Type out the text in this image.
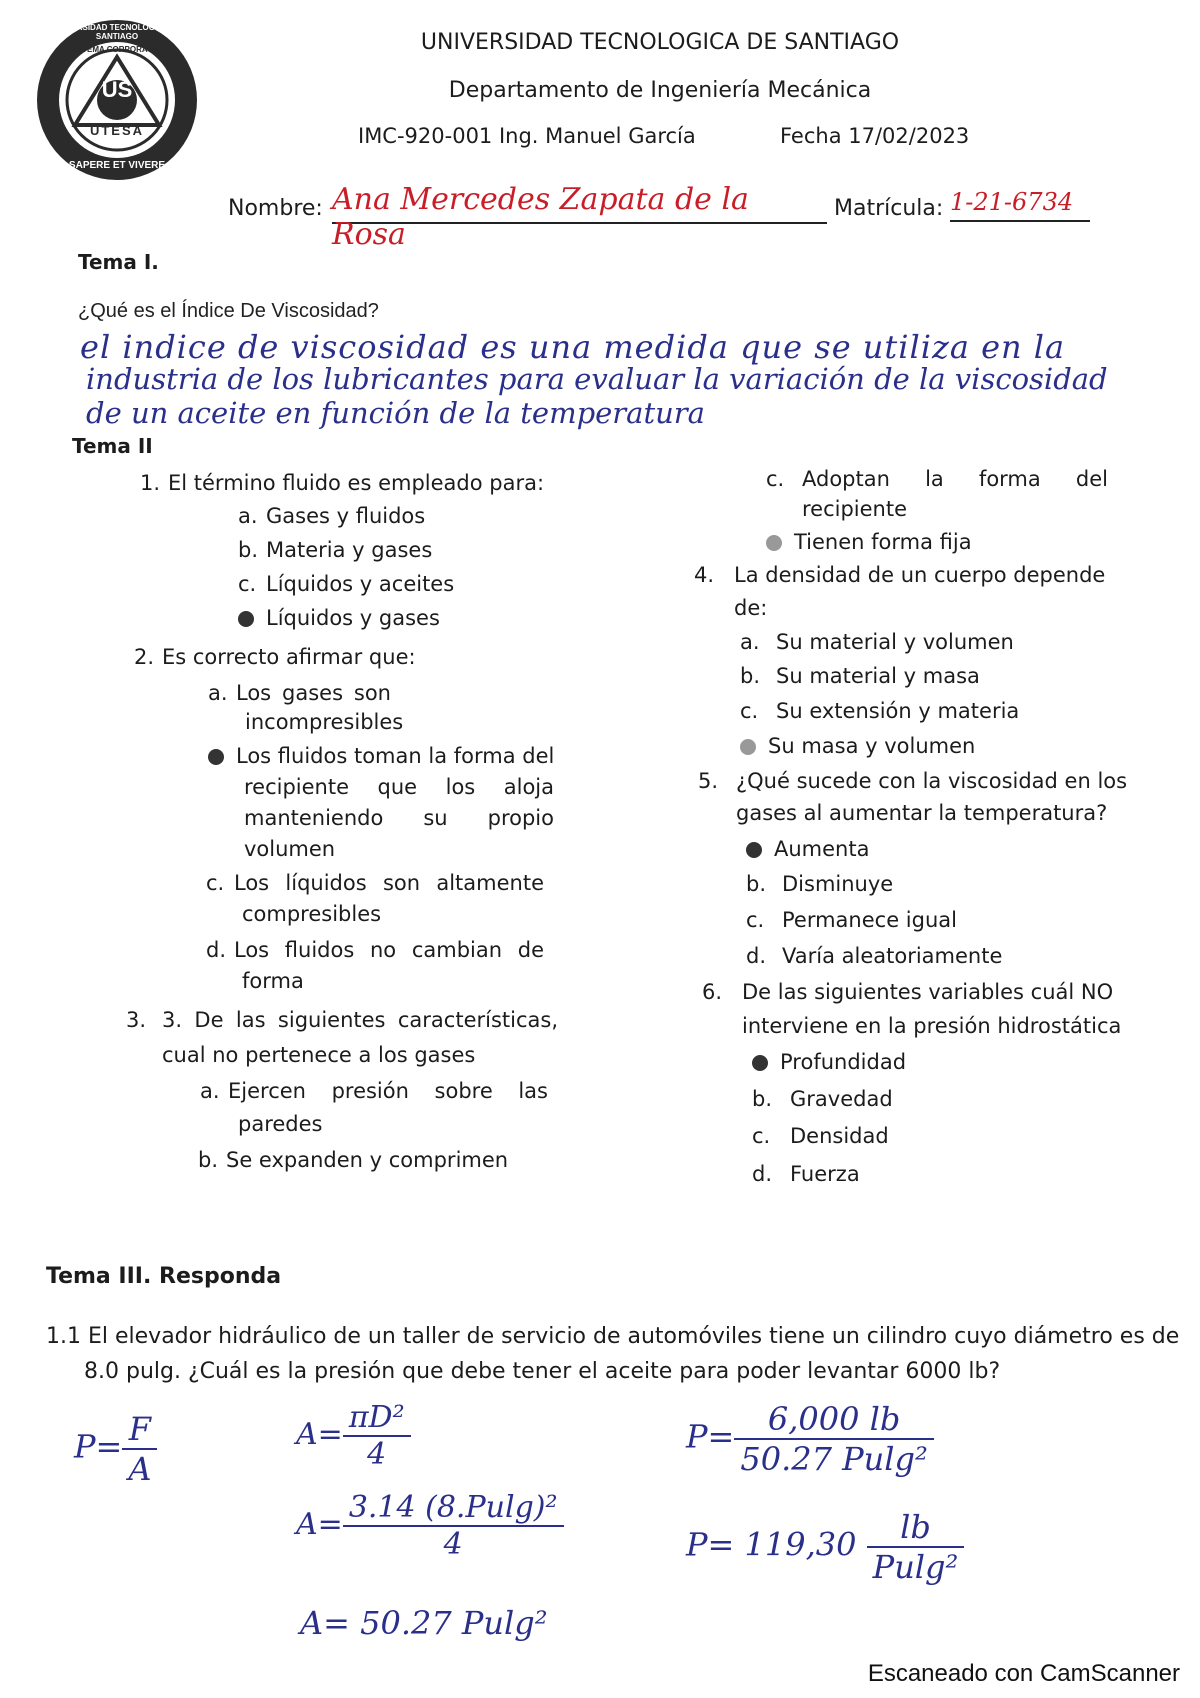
US
UTESA
SISTEMA CORPORATIVO
UNIVERSIDAD TECNOLOGICA DE SANTIAGO
SAPERE ET VIVERE
UNIVERSIDAD TECNOLOGICA DE SANTIAGO
Departamento de Ingeniería Mecánica
IMC-920-001 Ing. Manuel García	Fecha 17/02/2023
Nombre: Ana Mercedes Zapata de la Rosa
Matrícula: 1-21-6734
Tema I.
¿Qué es el Índice De Viscosidad?
el indice de viscosidad es una medida que se utiliza en la
industria de los lubricantes para evaluar la variación de la viscosidad
de un aceite en función de la temperatura
Tema II
1. El término fluido es empleado para:
a. Gases y fluidos
b. Materia y gases
c. Líquidos y aceites
Líquidos y gases
2. Es correcto afirmar que:
a. Los gases son
incompresibles
Los fluidos toman la forma del
recipiente que los aloja
manteniendo su propio
volumen
c. Los líquidos son altamente
compresibles
d. Los fluidos no cambian de
forma
3. 3. De las siguientes características,
cual no pertenece a los gases
a. Ejercen presión sobre las
paredes
b. Se expanden y comprimen
c. Adoptan la forma del
recipiente
Tienen forma fija
4. La densidad de un cuerpo depende
de:
a. Su material y volumen
b. Su material y masa
c. Su extensión y materia
Su masa y volumen
5. ¿Qué sucede con la viscosidad en los
gases al aumentar la temperatura?
Aumenta
b. Disminuye
c. Permanece igual
d. Varía aleatoriamente
6. De las siguientes variables cuál NO
interviene en la presión hidrostática
Profundidad
b. Gravedad
c. Densidad
d. Fuerza
Tema III. Responda
1.1 El elevador hidráulico de un taller de servicio de automóviles tiene un cilindro cuyo diámetro es de
8.0 pulg. ¿Cuál es la presión que debe tener el aceite para poder levantar 6000 lb?
$P= \frac{F}{A}$	$A= \frac{\text{πD²}}{4}$
$A= \frac{\text{3.14 (8.Pulg)²}}{4}$
A= 50.27 Pulg²
$P= \frac{6,000 lb}{\text{50.27 Pulg²}}$
$P= 119,30 \frac{lb}{\text{Pulg²}}$
Escaneado con CamScanner
